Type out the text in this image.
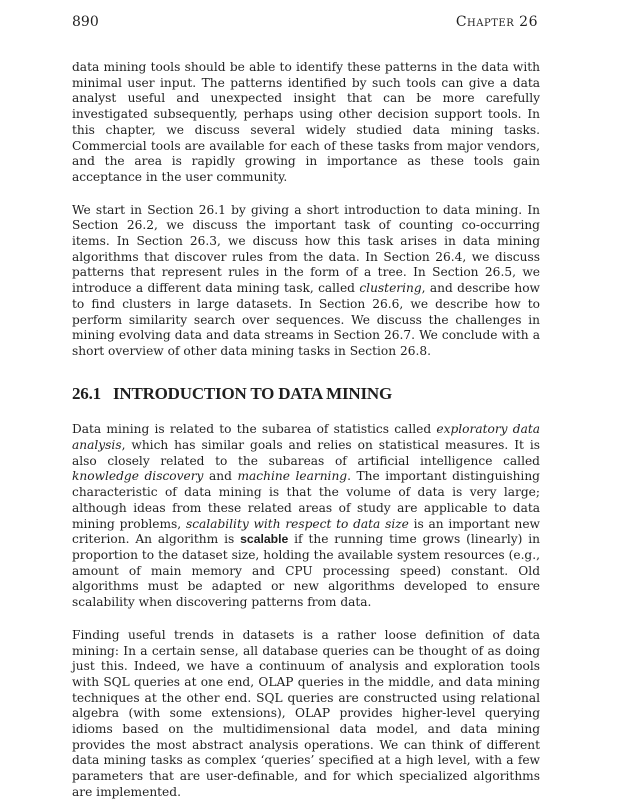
890	Chapter 26

data mining tools should be able to identify these patterns in the data with minimal user input. The patterns identified by such tools can give a data analyst useful and unexpected insight that can be more carefully investigated subsequently, perhaps using other decision support tools. In this chapter, we discuss several widely studied data mining tasks. Commercial tools are available for each of these tasks from major vendors, and the area is rapidly growing in importance as these tools gain acceptance in the user community.

We start in Section 26.1 by giving a short introduction to data mining. In Section 26.2, we discuss the important task of counting co-occurring items. In Section 26.3, we discuss how this task arises in data mining algorithms that discover rules from the data. In Section 26.4, we discuss patterns that represent rules in the form of a tree. In Section 26.5, we introduce a different data mining task, called clustering, and describe how to find clusters in large datasets. In Section 26.6, we describe how to perform similarity search over sequences. We discuss the challenges in mining evolving data and data streams in Section 26.7. We conclude with a short overview of other data mining tasks in Section 26.8.

26.1 INTRODUCTION TO DATA MINING

Data mining is related to the subarea of statistics called exploratory data analysis, which has similar goals and relies on statistical measures. It is also closely related to the subareas of artificial intelligence called knowledge discovery and machine learning. The important distinguishing characteristic of data mining is that the volume of data is very large; although ideas from these related areas of study are applicable to data mining problems, scalability with respect to data size is an important new criterion. An algorithm is scalable if the running time grows (linearly) in proportion to the dataset size, holding the available system resources (e.g., amount of main memory and CPU processing speed) constant. Old algorithms must be adapted or new algorithms developed to ensure scalability when discovering patterns from data.

Finding useful trends in datasets is a rather loose definition of data mining: In a certain sense, all database queries can be thought of as doing just this. Indeed, we have a continuum of analysis and exploration tools with SQL queries at one end, OLAP queries in the middle, and data mining techniques at the other end. SQL queries are constructed using relational algebra (with some extensions), OLAP provides higher-level querying idioms based on the multidimensional data model, and data mining provides the most abstract analysis operations. We can think of different data mining tasks as complex ‘queries’ specified at a high level, with a few parameters that are user-definable, and for which specialized algorithms are implemented.
